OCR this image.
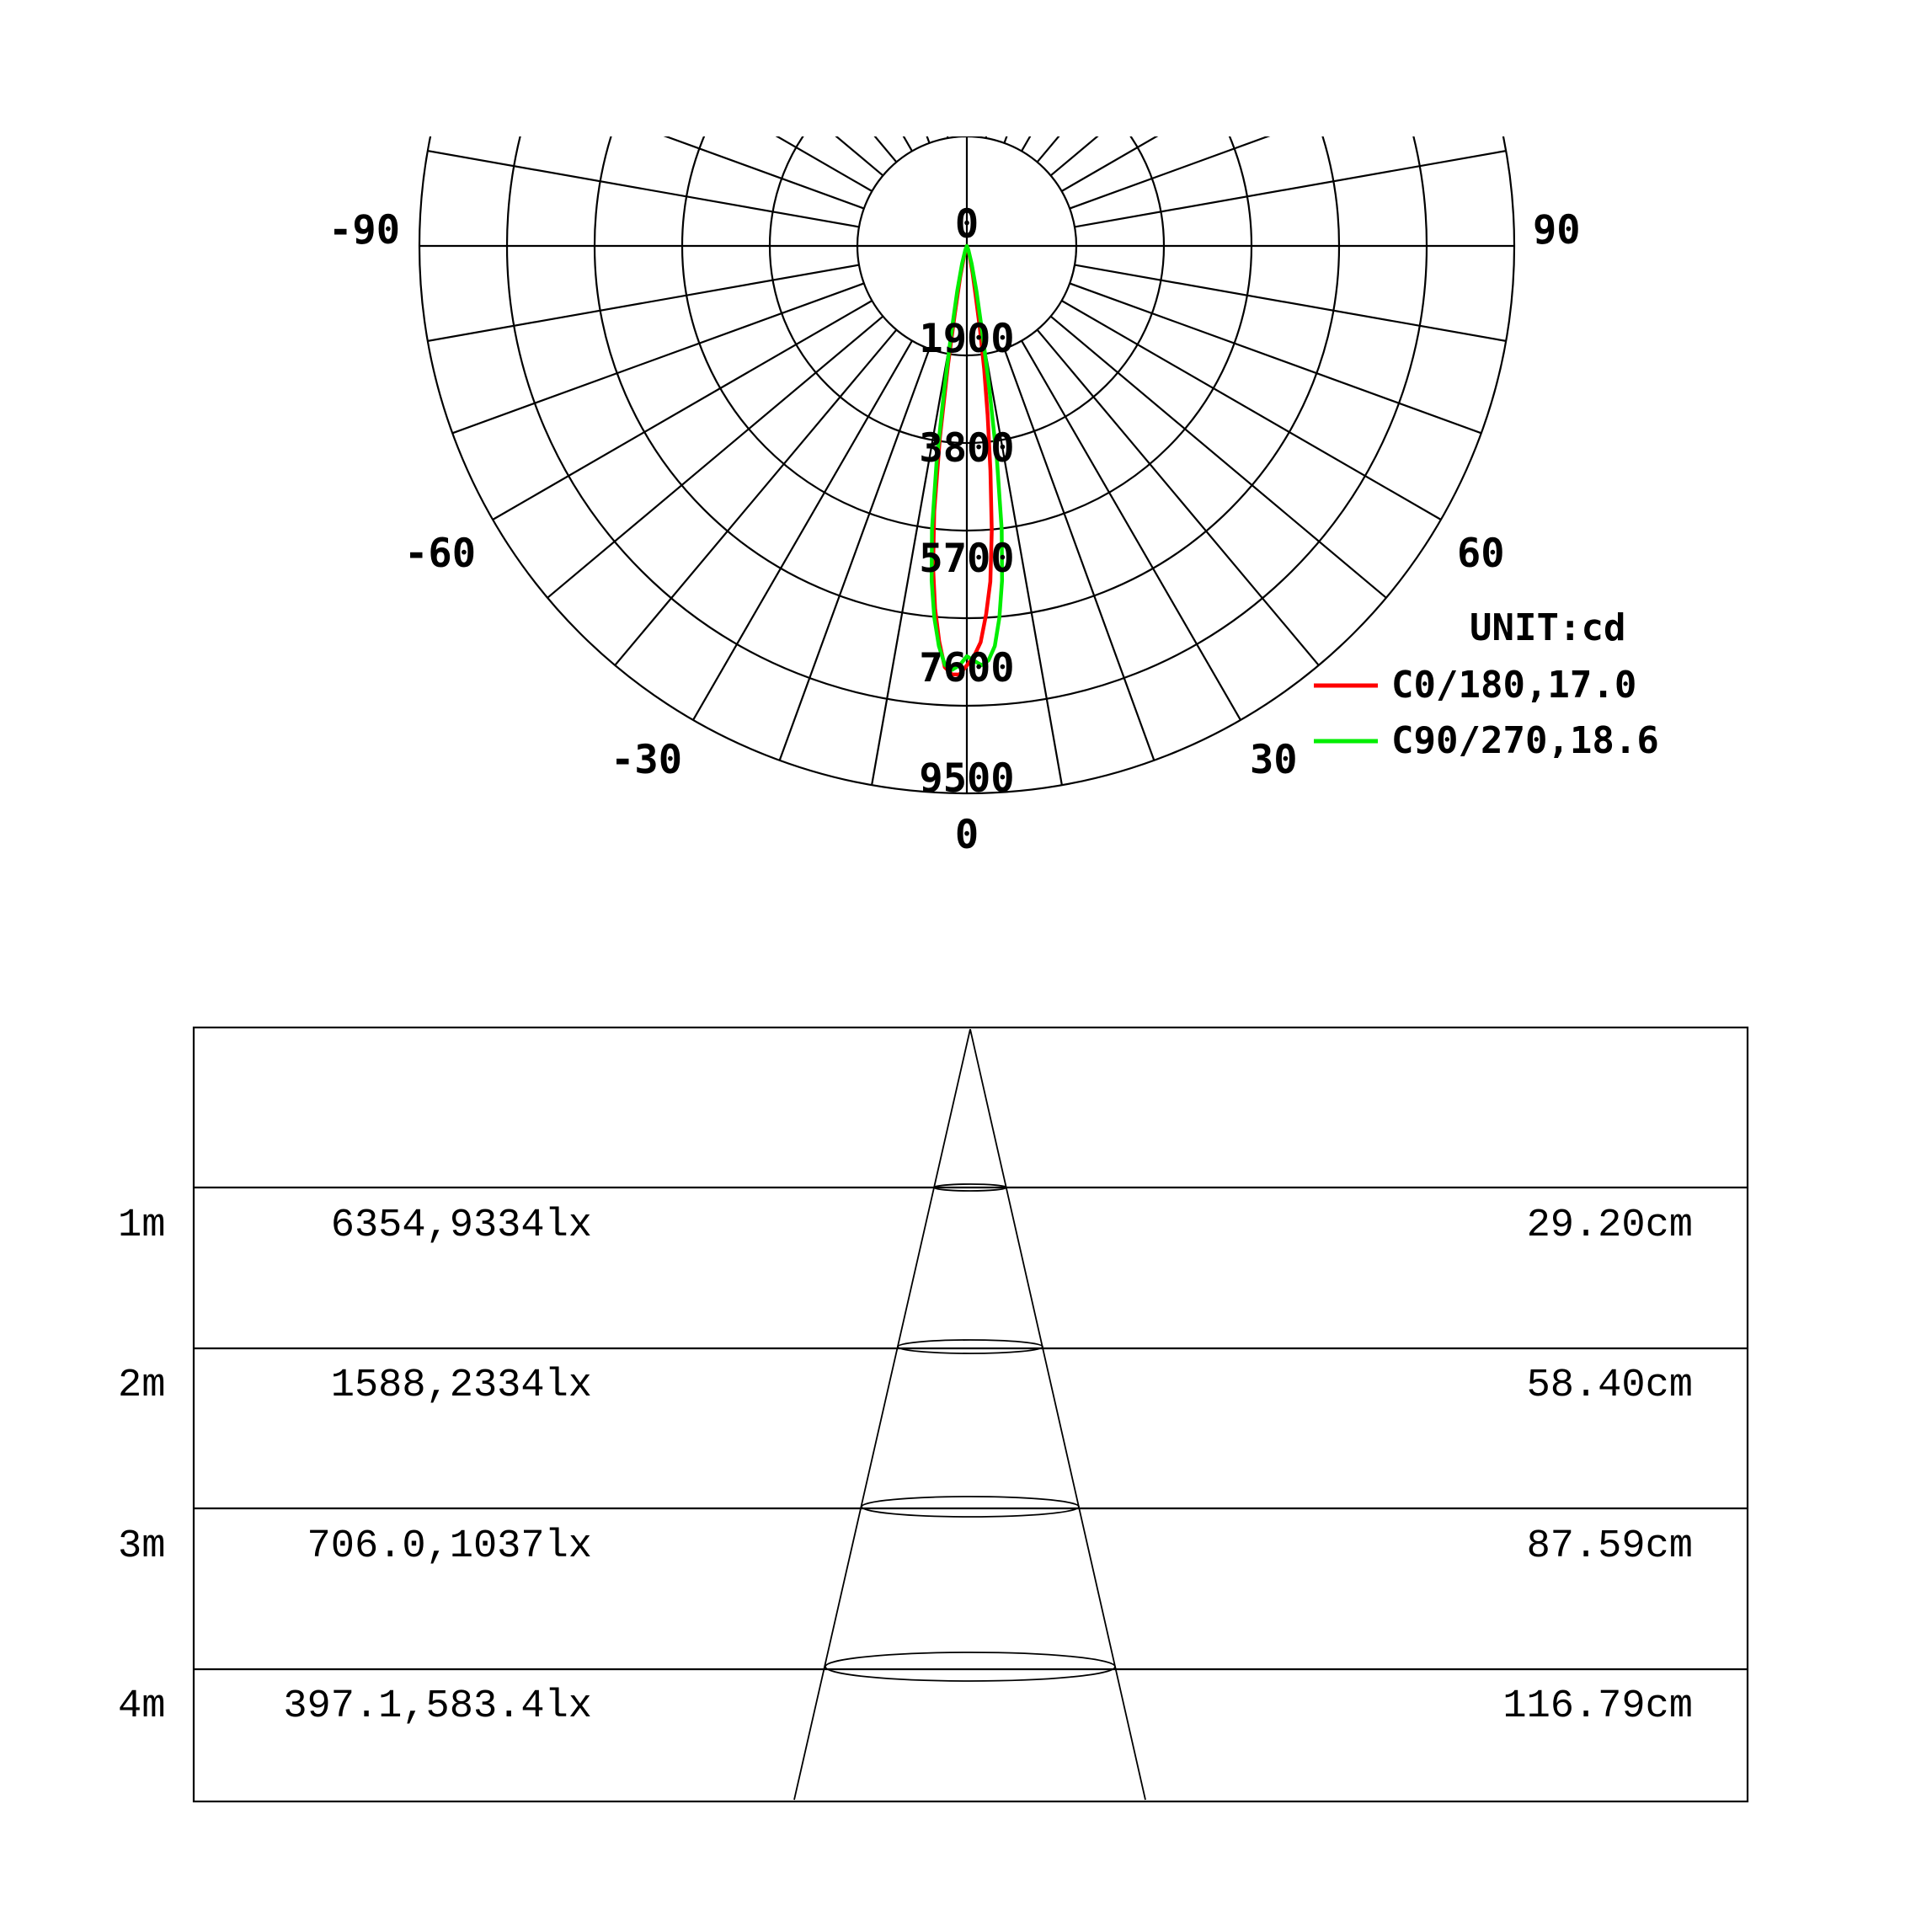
1900
3800
5700
7600
9500
-90	90
-60	60
-30	30
0
0
UNIT:cd
C0/180,17.0
C90/270,18.6
1m	6354,9334lx	29.20cm
2m	1588,2334lx	58.40cm
3m	706.0,1037lx	87.59cm
4m	397.1,583.4lx	116.79cm
